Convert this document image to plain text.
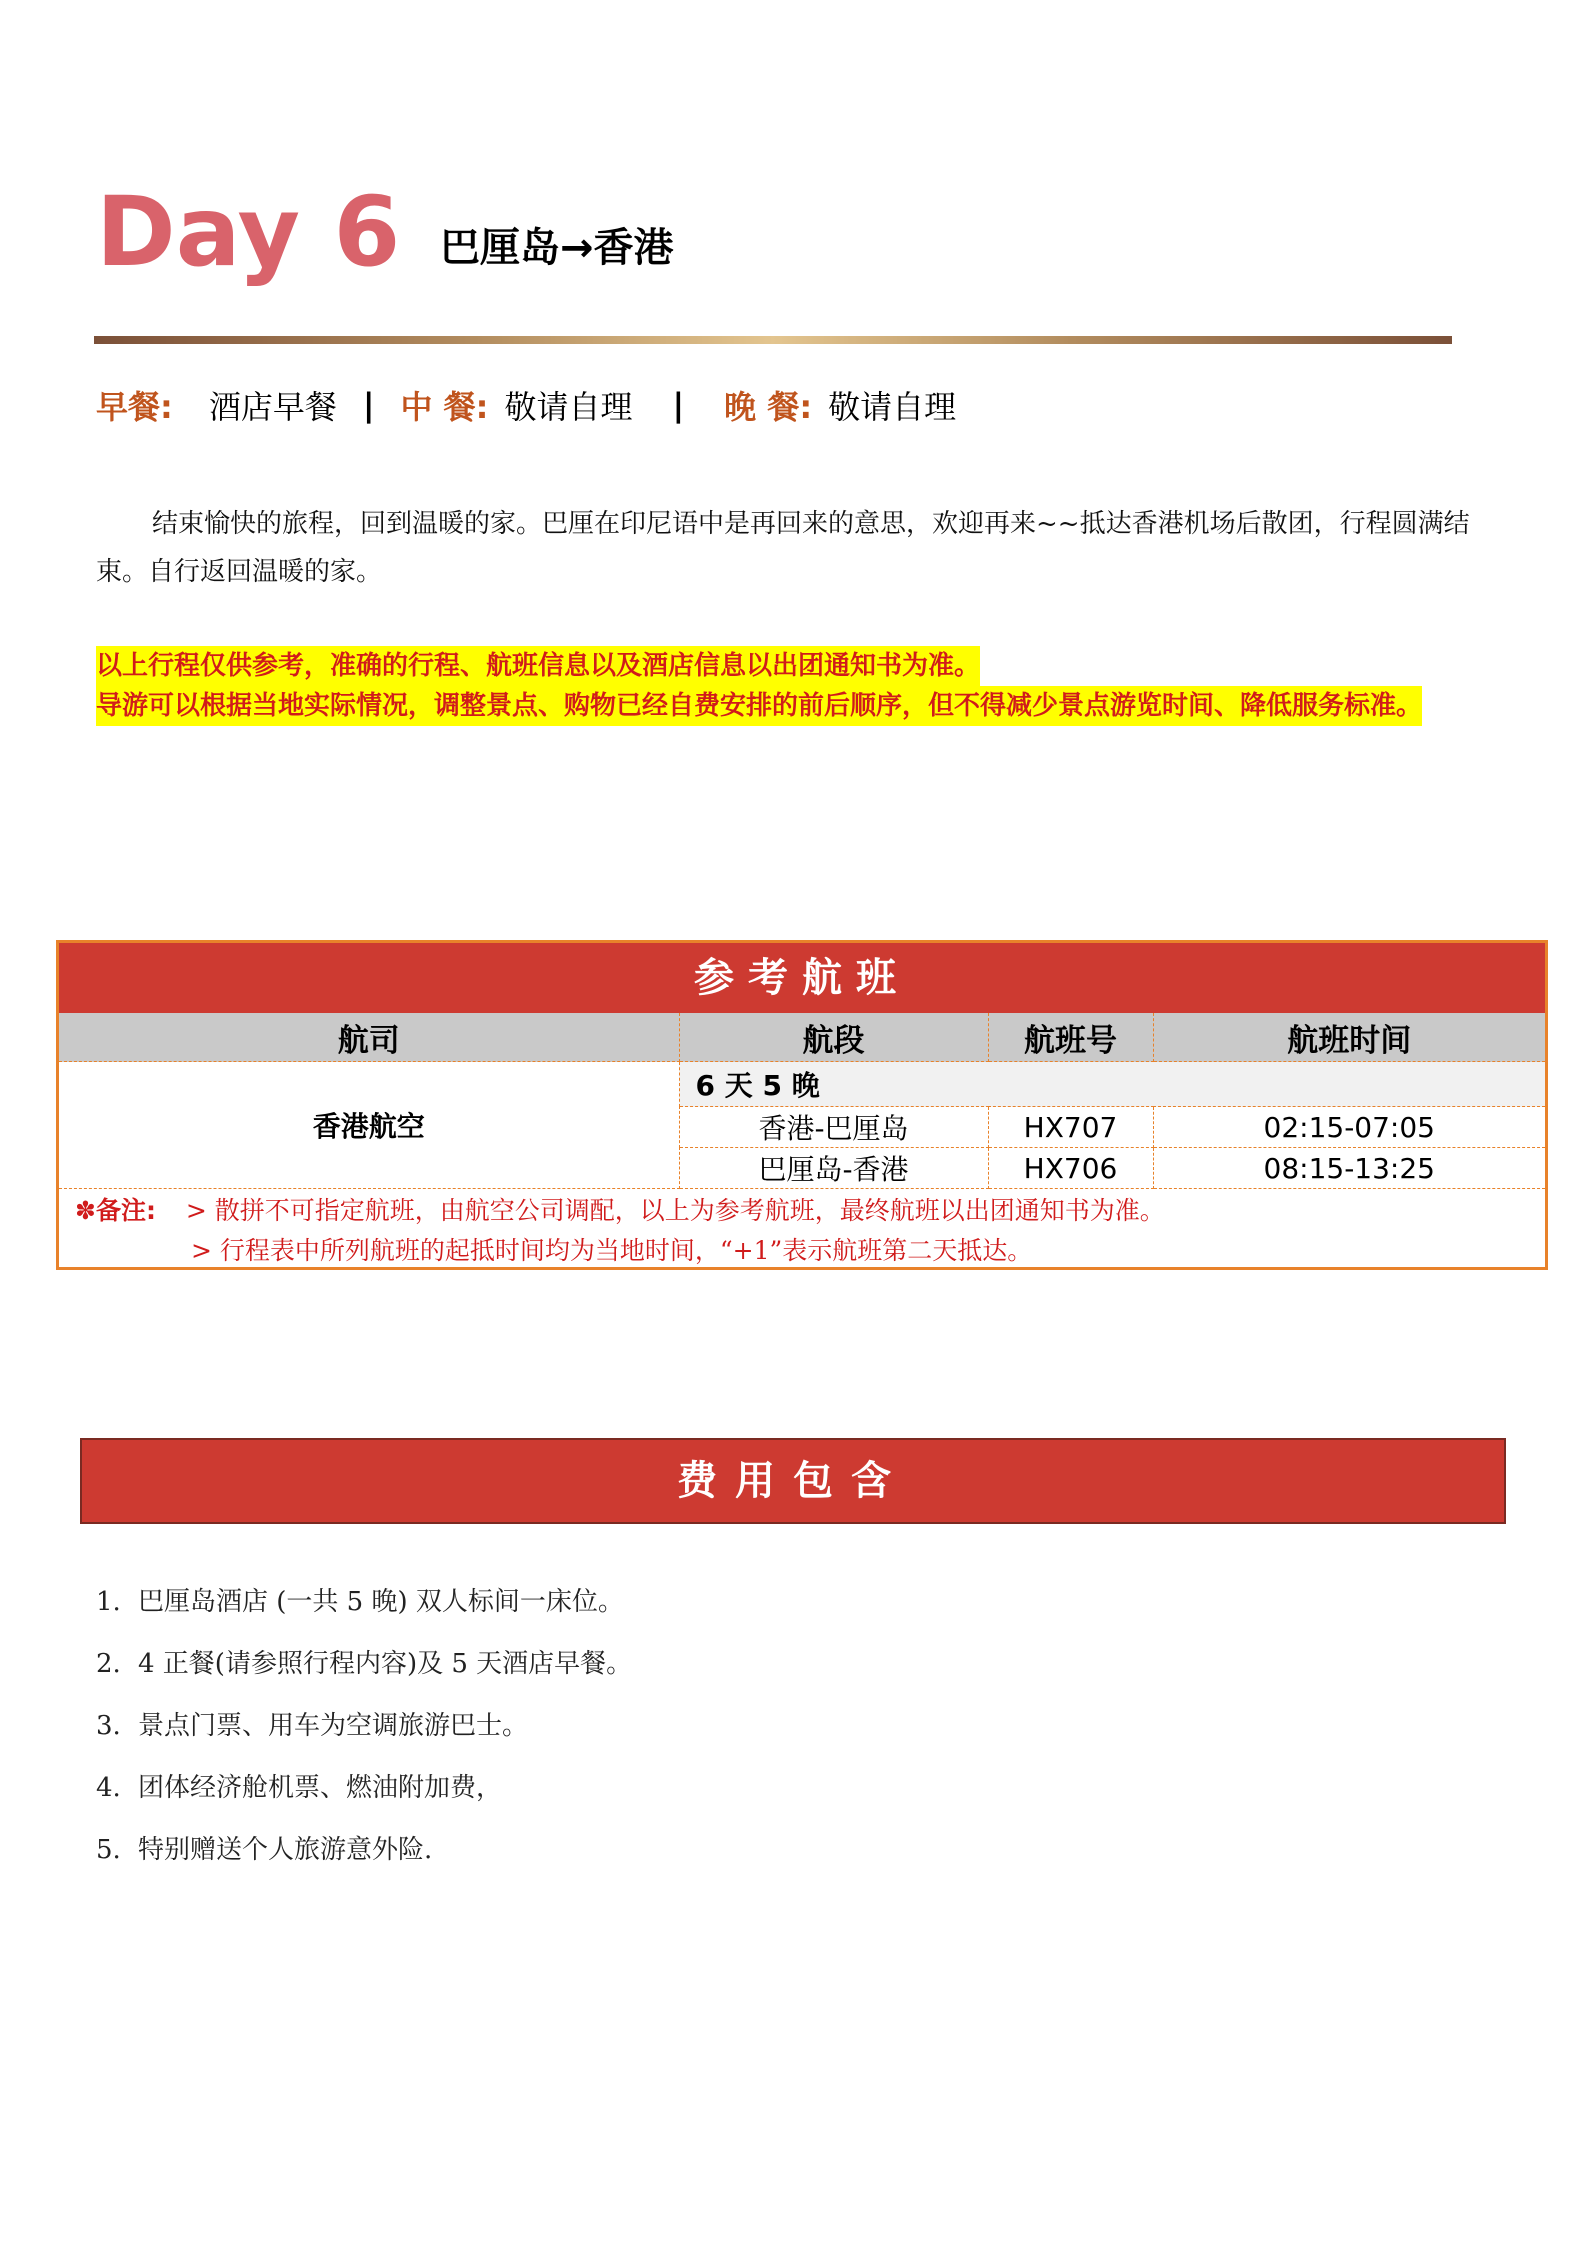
Day 6 巴厘岛→香港
早餐: 酒店早餐 | 中 餐: 敬请自理 | 晚 餐: 敬请自理
结束愉快的旅程，回到温暖的家。巴厘在印尼语中是再回来的意思，欢迎再来~~抵达香港机场后散团，行程圆满结束。自行返回温暖的家。
以上行程仅供参考，准确的行程、航班信息以及酒店信息以出团通知书为准。
导游可以根据当地实际情况，调整景点、购物已经自费安排的前后顺序，但不得减少景点游览时间、降低服务标准。
参考航班
航司	航段	航班号	航班时间
香港航空	6 天 5 晚		
	香港-巴厘岛	HX707	02:15-07:05
	巴厘岛-香港	HX706	08:15-13:25
✽备注: > 散拼不可指定航班，由航空公司调配，以上为参考航班，最终航班以出团通知书为准。
> 行程表中所列航班的起抵时间均为当地时间，“+1”表示航班第二天抵达。
费用包含
1. 巴厘岛酒店 (一共 5 晚) 双人标间一床位。
2. 4 正餐(请参照行程内容)及 5 天酒店早餐。
3. 景点门票、用车为空调旅游巴士。
4. 团体经济舱机票、燃油附加费，
5. 特别赠送个人旅游意外险.
